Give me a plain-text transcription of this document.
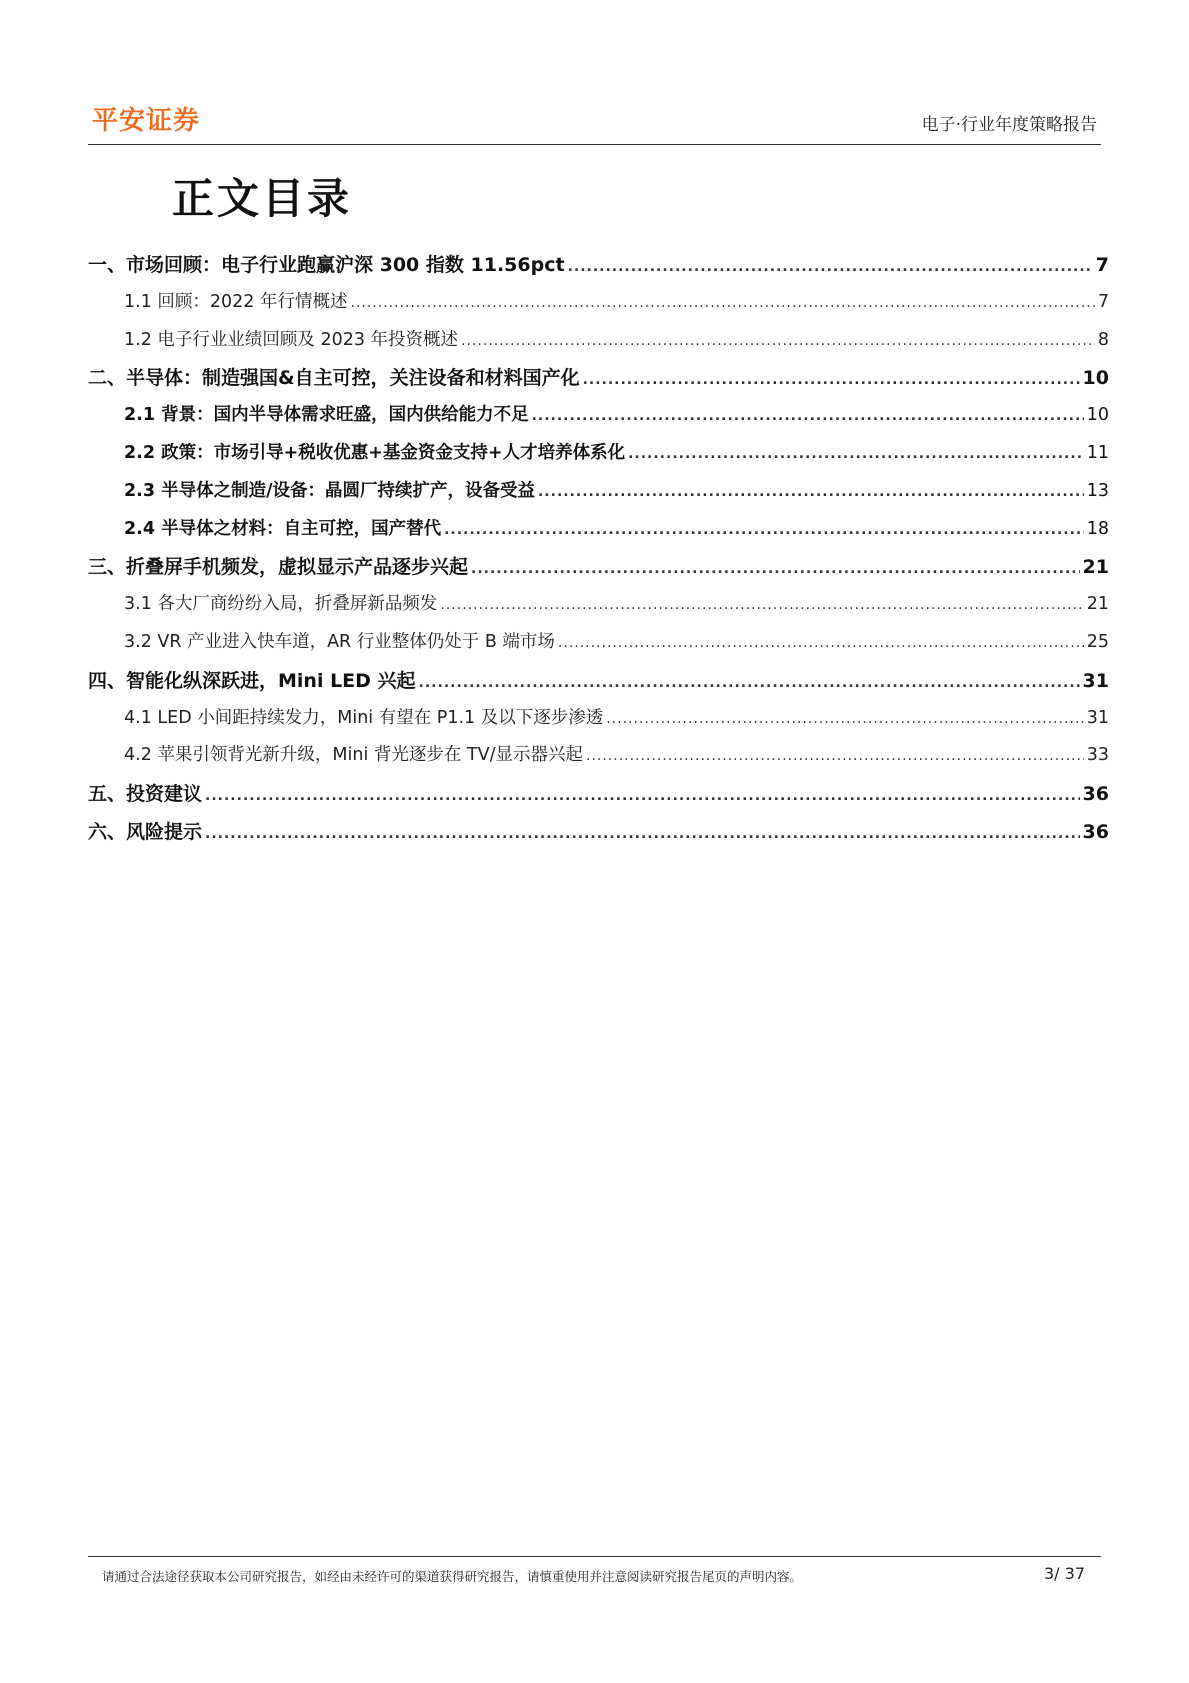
平安证券	电子·行业年度策略报告
正文目录
一、市场回顾：电子行业跑赢沪深 300 指数 11.56pct .....	7
1.1 回顾：2022 年行情概述 .....	7
1.2 电子行业业绩回顾及 2023 年投资概述 .....	8
二、半导体：制造强国&自主可控，关注设备和材料国产化 .....	10
2.1 背景：国内半导体需求旺盛，国内供给能力不足 .....	10
2.2 政策：市场引导+税收优惠+基金资金支持+人才培养体系化 .....	11
2.3 半导体之制造/设备：晶圆厂持续扩产，设备受益 .....	13
2.4 半导体之材料：自主可控，国产替代 .....	18
三、折叠屏手机频发，虚拟显示产品逐步兴起 .....	21
3.1 各大厂商纷纷入局，折叠屏新品频发 .....	21
3.2 VR 产业进入快车道，AR 行业整体仍处于 B 端市场 .....	25
四、智能化纵深跃进，Mini LED 兴起 .....	31
4.1 LED 小间距持续发力，Mini 有望在 P1.1 及以下逐步渗透 .....	31
4.2 苹果引领背光新升级，Mini 背光逐步在 TV/显示器兴起 .....	33
五、投资建议 .....	36
六、风险提示 .....	36
请通过合法途径获取本公司研究报告，如经由未经许可的渠道获得研究报告，请慎重使用并注意阅读研究报告尾页的声明内容。	3/ 37
